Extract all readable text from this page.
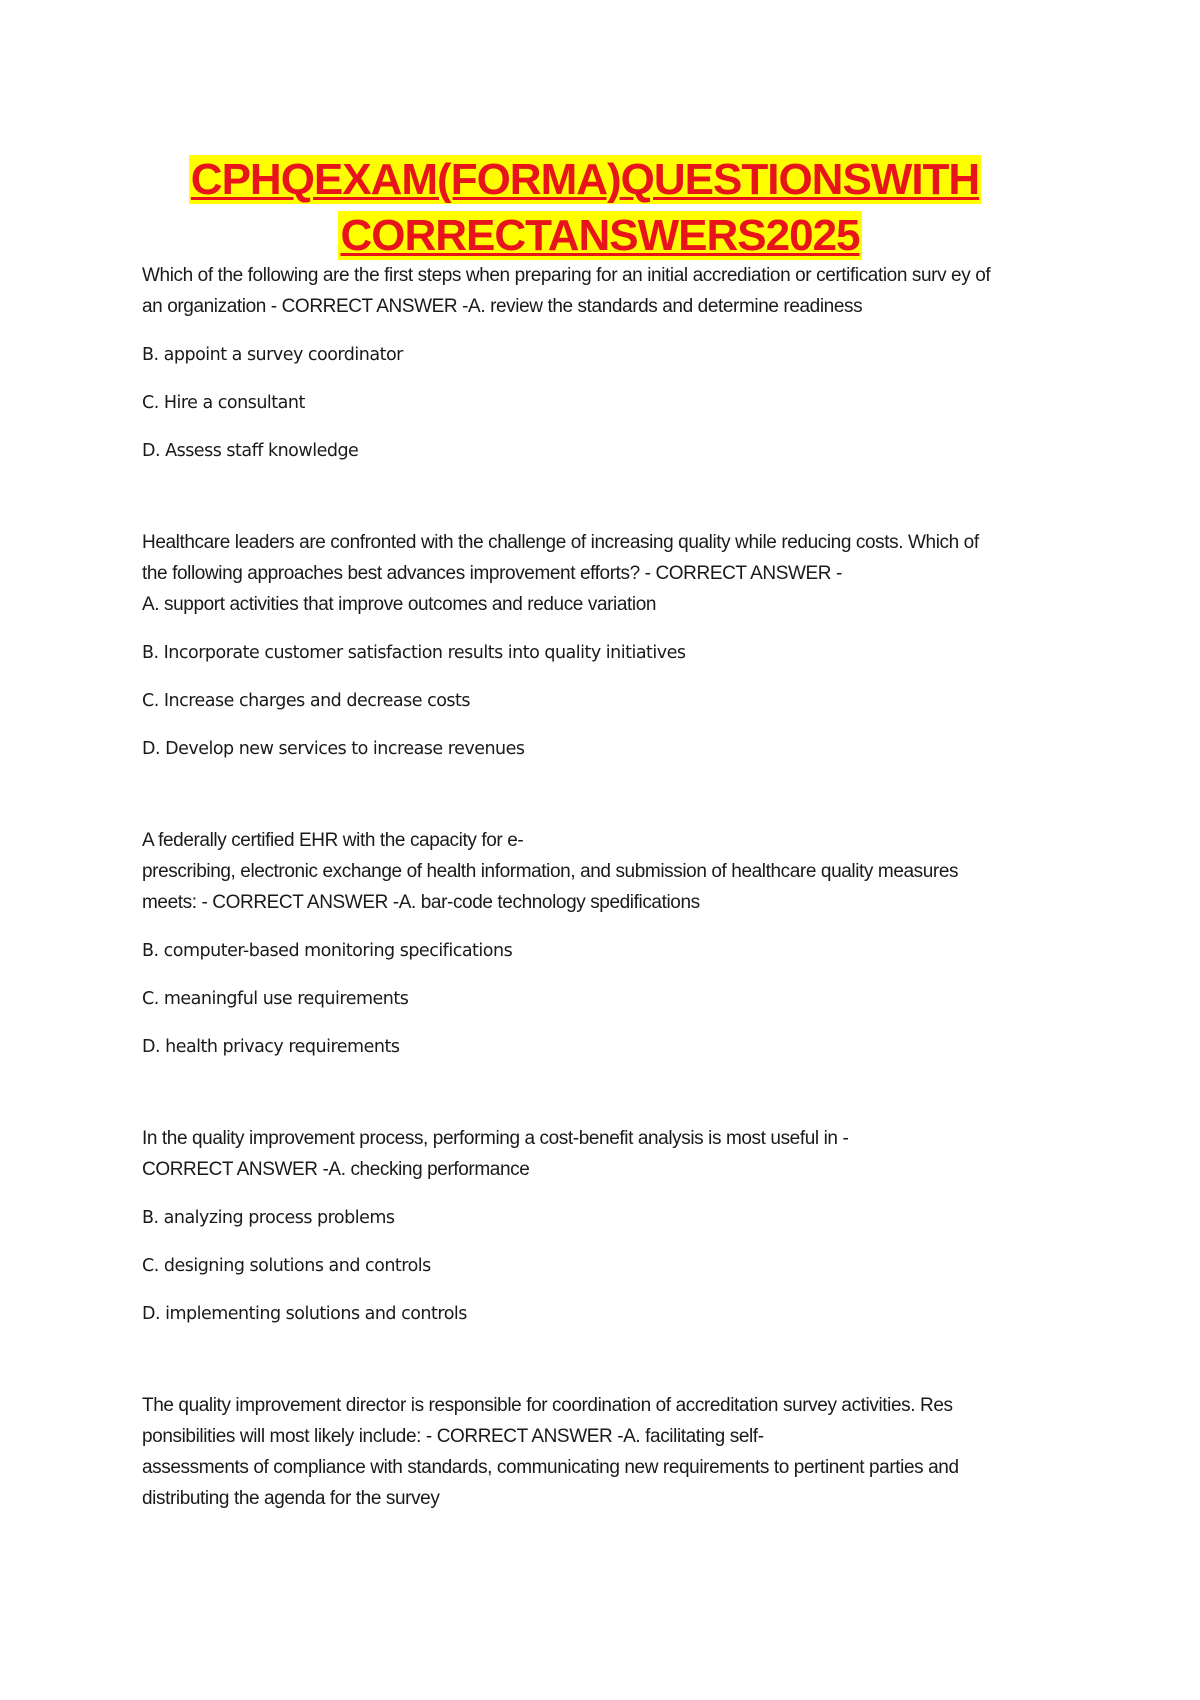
CPHQEXAM(FORMA)QUESTIONSWITH
CORRECTANSWERS2025
Which of the following are the first steps when preparing for an initial accrediation or certification surv ey of
an organization - CORRECT ANSWER -A. review the standards and determine readiness
B. appoint a survey coordinator
C. Hire a consultant
D. Assess staff knowledge
Healthcare leaders are confronted with the challenge of increasing quality while reducing costs. Which of
the following approaches best advances improvement efforts? - CORRECT ANSWER -
A. support activities that improve outcomes and reduce variation
B. Incorporate customer satisfaction results into quality initiatives
C. Increase charges and decrease costs
D. Develop new services to increase revenues
A federally certified EHR with the capacity for e-
prescribing, electronic exchange of health information, and submission of healthcare quality measures
meets: - CORRECT ANSWER -A. bar-code technology spedifications
B. computer-based monitoring specifications
C. meaningful use requirements
D. health privacy requirements
In the quality improvement process, performing a cost-benefit analysis is most useful in -
CORRECT ANSWER -A. checking performance
B. analyzing process problems
C. designing solutions and controls
D. implementing solutions and controls
The quality improvement director is responsible for coordination of accreditation survey activities. Res
ponsibilities will most likely include: - CORRECT ANSWER -A. facilitating self-
assessments of compliance with standards, communicating new requirements to pertinent parties and
distributing the agenda for the survey
